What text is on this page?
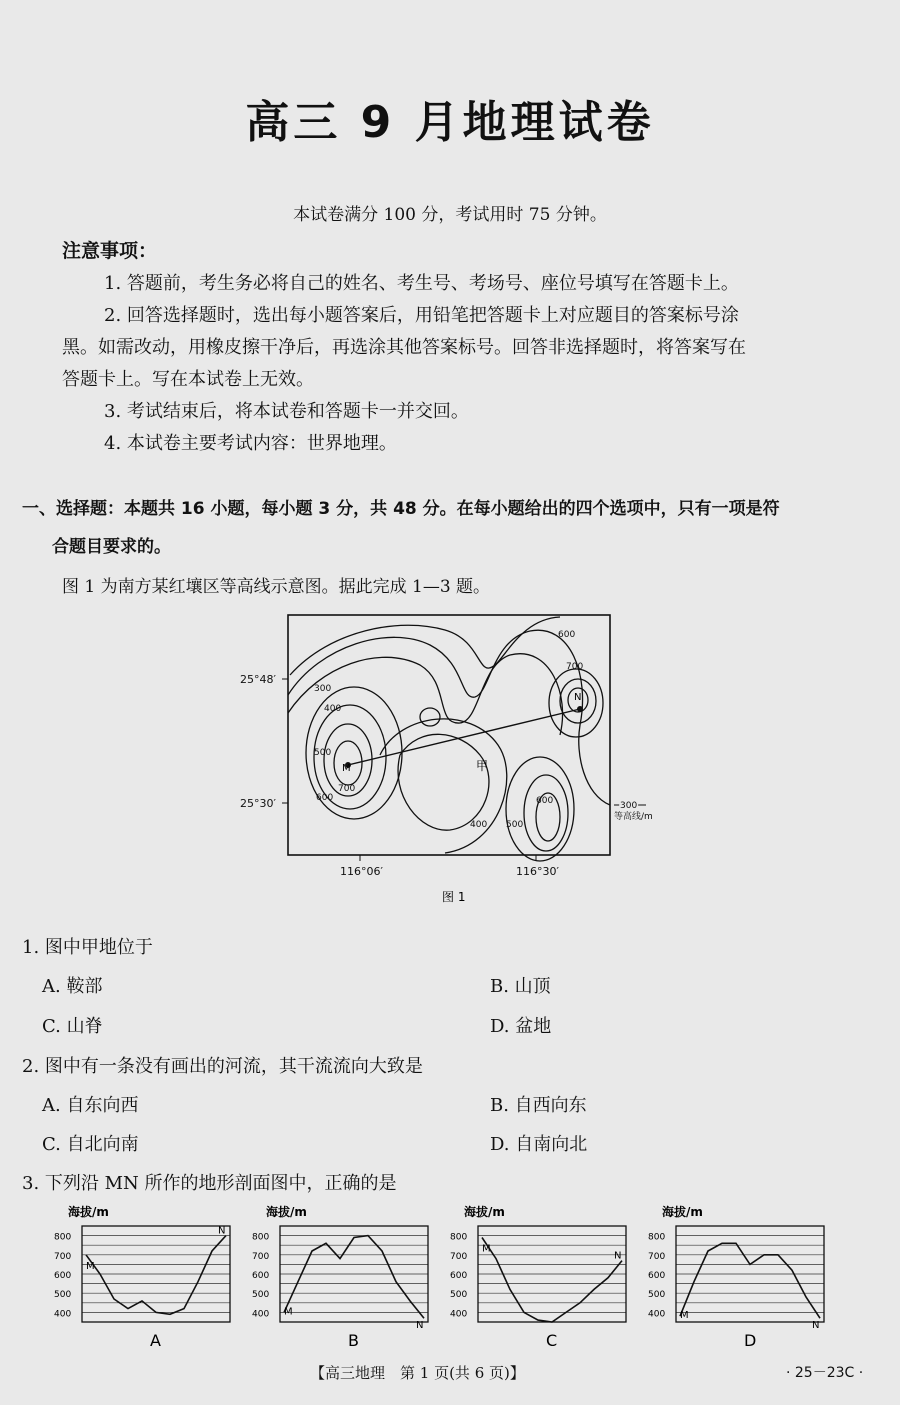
高三 9 月地理试卷
本试卷满分 100 分，考试用时 75 分钟。
注意事项：

1. 答题前，考生务必将自己的姓名、考生号、考场号、座位号填写在答题卡上。

2. 回答选择题时，选出每小题答案后，用铅笔把答题卡上对应题目的答案标号涂

黑。如需改动，用橡皮擦干净后，再选涂其他答案标号。回答非选择题时，将答案写在

答题卡上。写在本试卷上无效。

3. 考试结束后，将本试卷和答题卡一并交回。

4. 本试卷主要考试内容：世界地理。

一、选择题：本题共 16 小题，每小题 3 分，共 48 分。在每小题给出的四个选项中，只有一项是符
合题目要求的。
图 1 为南方某红壤区等高线示意图。据此完成 1—3 题。
M
N
甲
300
400
500
600
700
600
700
400 500
600
25°48′
25°30′
116°06′	116°30′
300
等高线/m
图 1
1. 图中甲地位于
A. 鞍部	B. 山顶
C. 山脊	D. 盆地
2. 图中有一条没有画出的河流，其干流流向大致是
A. 自东向西	B. 自西向东
C. 自北向南	D. 自南向北
3. 下列沿 MN 所作的地形剖面图中，正确的是
海拔/m
800
700
600
500
400
M
N
A
海拔/m
800
700
600
500
400 M
N
B
海拔/m
800
700
600
500
400
M
N
C
海拔/m
800
700
600
500
400 M
N
D
【高三地理　第 1 页(共 6 页)】	· 25－23C ·
